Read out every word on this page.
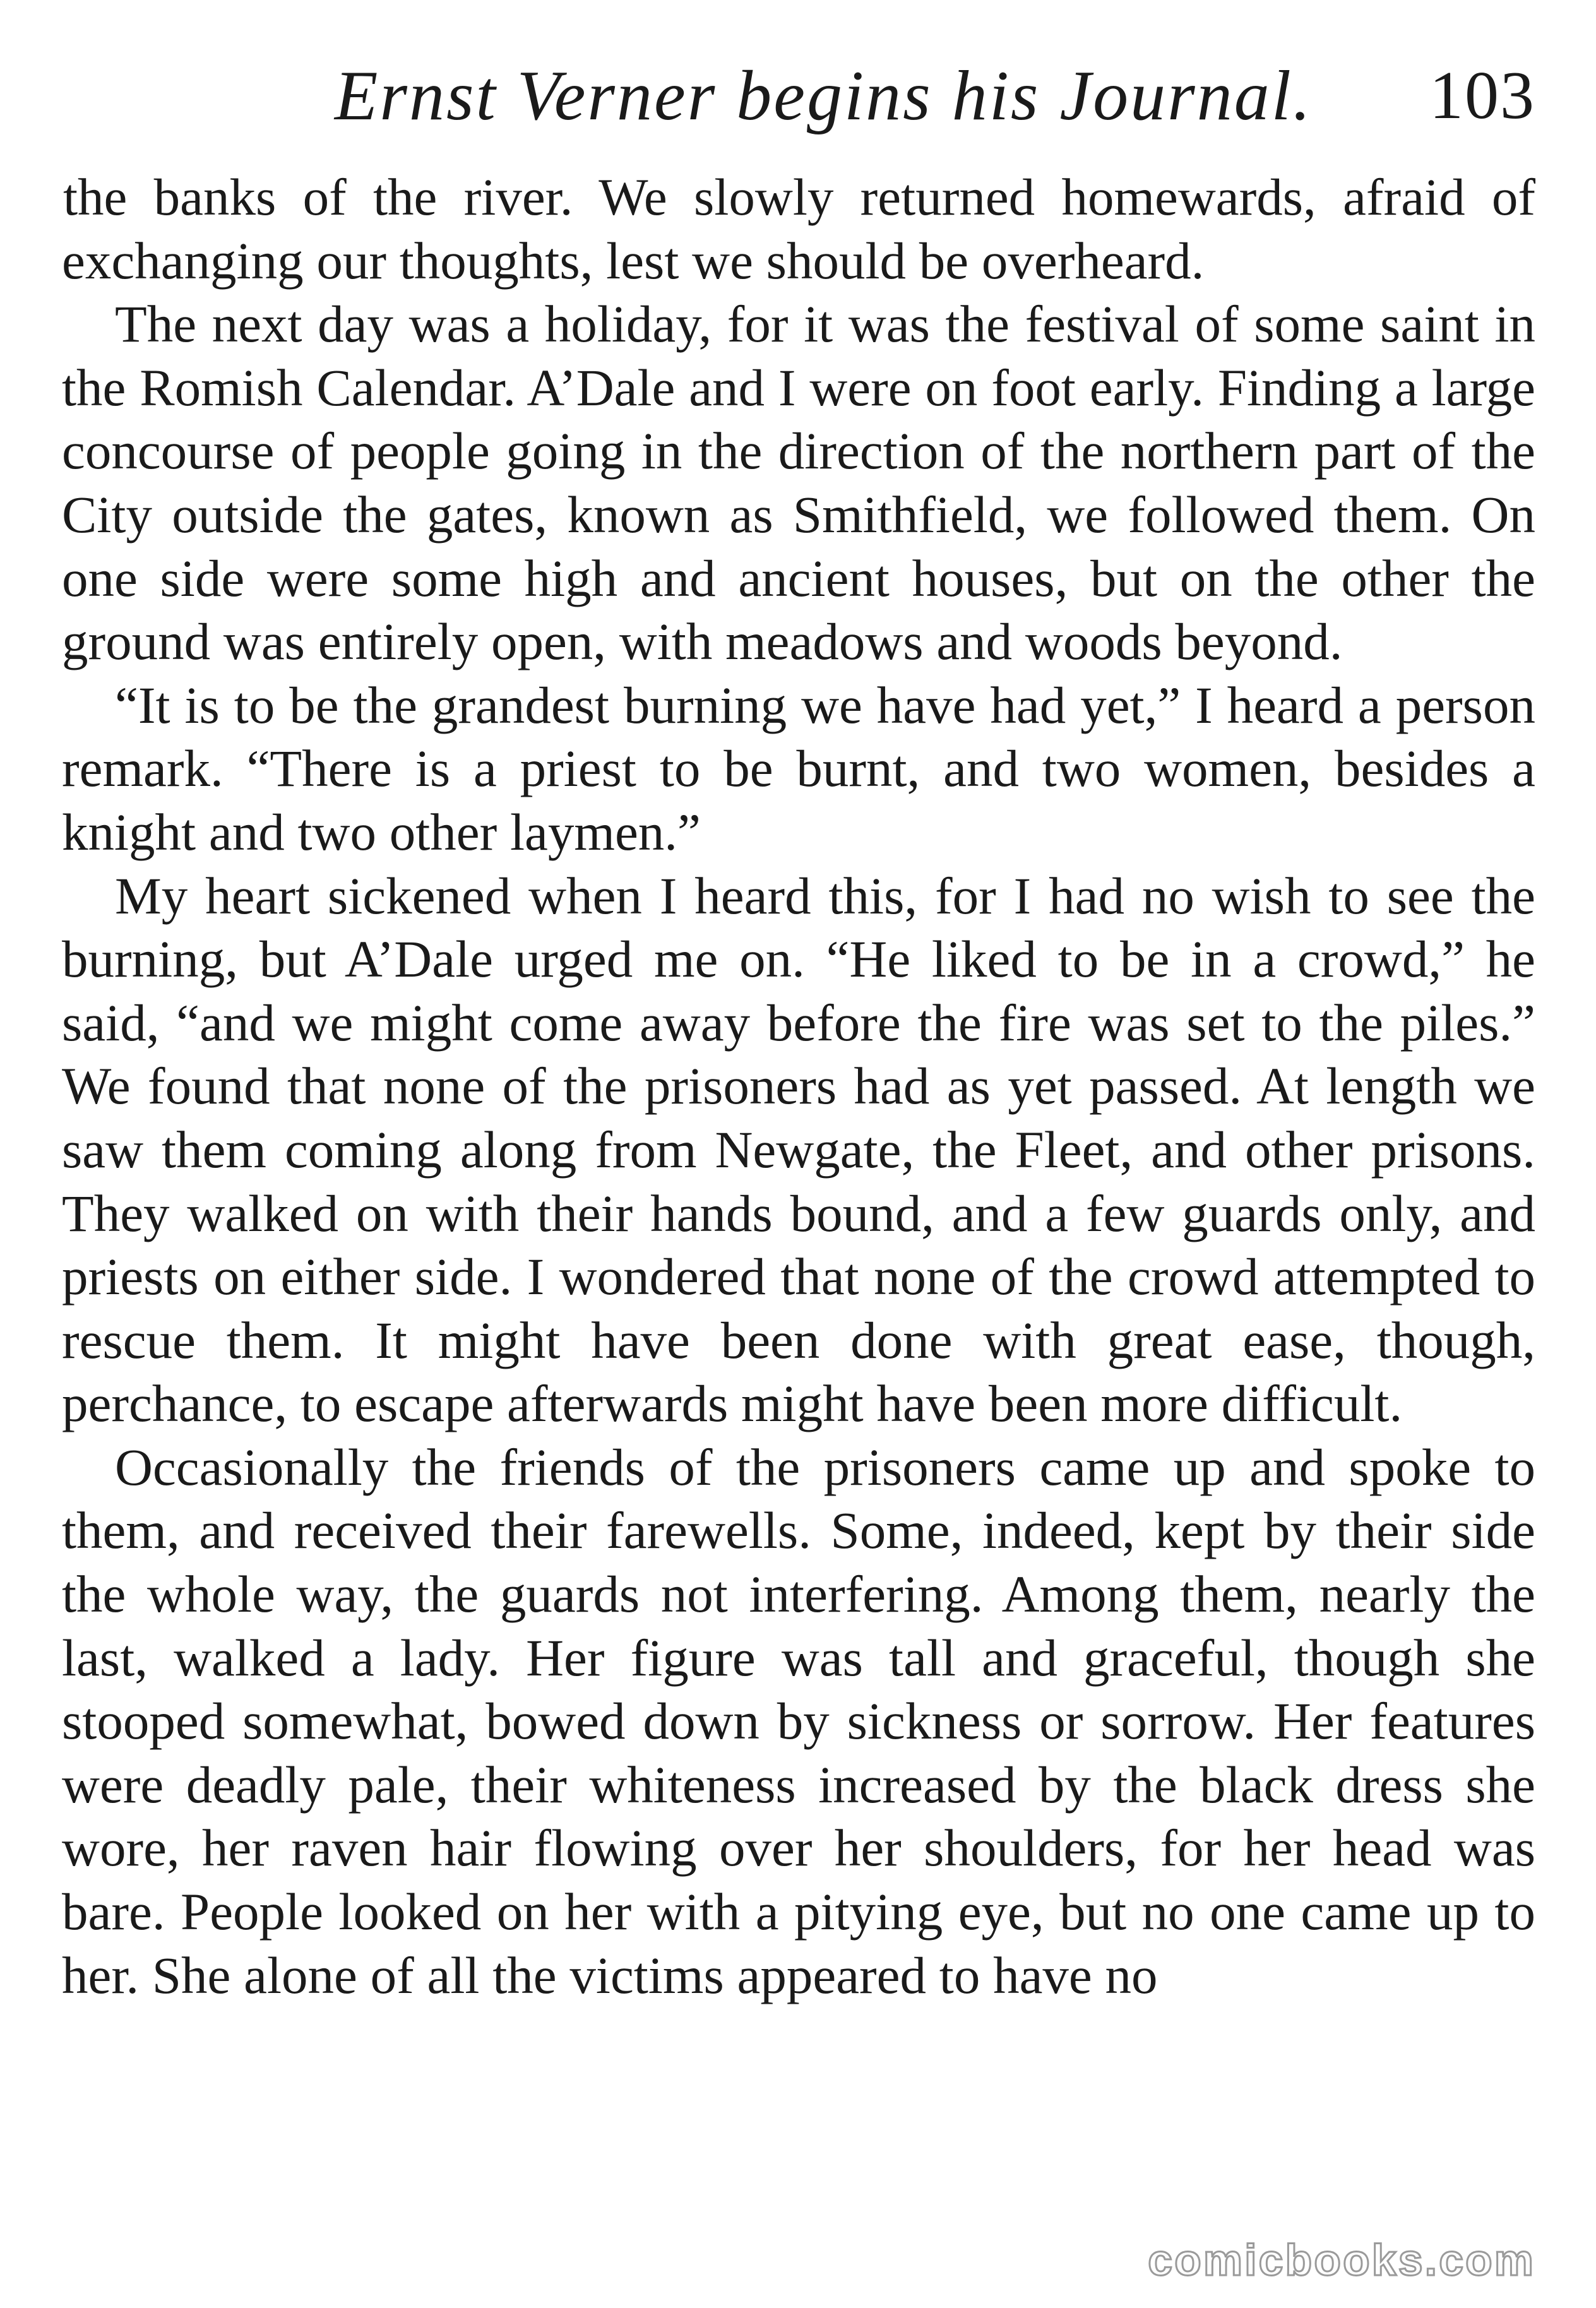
Ernst Verner begins his Journal. 103

the banks of the river. We slowly returned homewards, afraid of exchanging our thoughts, lest we should be overheard.

The next day was a holiday, for it was the festival of some saint in the Romish Calendar. A’Dale and I were on foot early. Finding a large concourse of people going in the direction of the northern part of the City outside the gates, known as Smithfield, we followed them. On one side were some high and ancient houses, but on the other the ground was entirely open, with meadows and woods beyond.

“It is to be the grandest burning we have had yet,” I heard a person remark. “There is a priest to be burnt, and two women, besides a knight and two other laymen.”

My heart sickened when I heard this, for I had no wish to see the burning, but A’Dale urged me on. “He liked to be in a crowd,” he said, “and we might come away before the fire was set to the piles.” We found that none of the prisoners had as yet passed. At length we saw them coming along from Newgate, the Fleet, and other prisons. They walked on with their hands bound, and a few guards only, and priests on either side. I wondered that none of the crowd attempted to rescue them. It might have been done with great ease, though, perchance, to escape afterwards might have been more difficult.

Occasionally the friends of the prisoners came up and spoke to them, and received their farewells. Some, indeed, kept by their side the whole way, the guards not interfering. Among them, nearly the last, walked a lady. Her figure was tall and graceful, though she stooped somewhat, bowed down by sickness or sorrow. Her features were deadly pale, their whiteness increased by the black dress she wore, her raven hair flowing over her shoulders, for her head was bare. People looked on her with a pitying eye, but no one came up to her. She alone of all the victims appeared to have no

comicbooks.com
